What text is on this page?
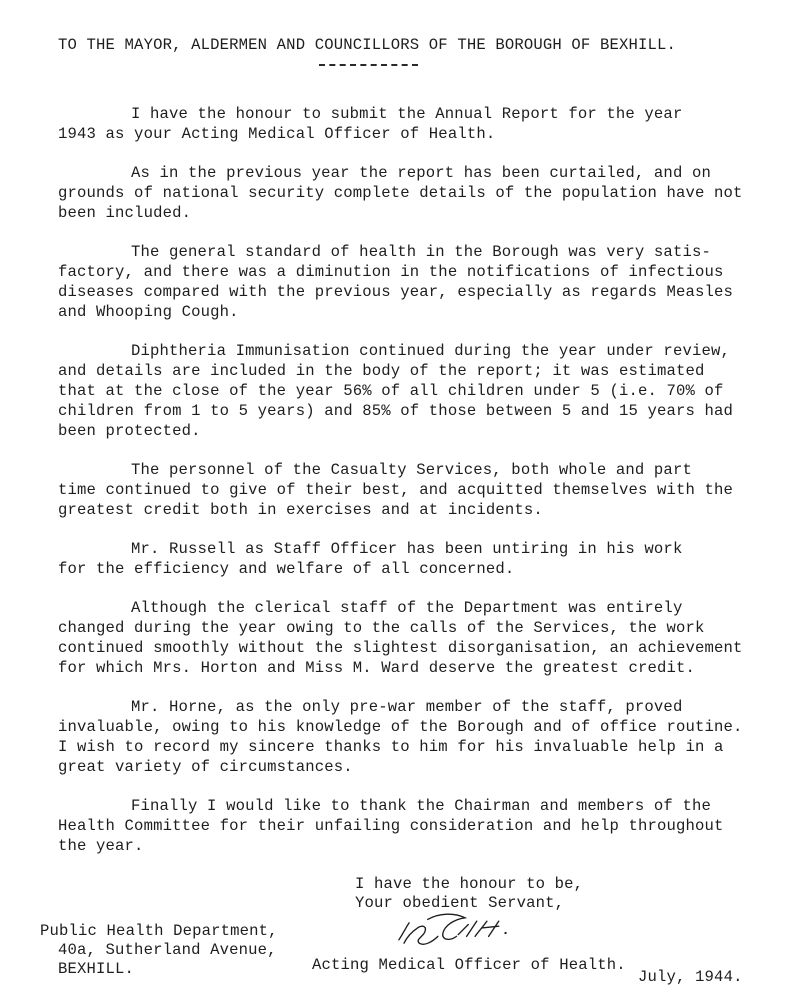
TO THE MAYOR, ALDERMEN AND COUNCILLORS OF THE BOROUGH OF BEXHILL.
I have the honour to submit the Annual Report for the year
1943 as your Acting Medical Officer of Health.
As in the previous year the report has been curtailed, and on
grounds of national security complete details of the population have not
been included.
The general standard of health in the Borough was very satis-
factory, and there was a diminution in the notifications of infectious
diseases compared with the previous year, especially as regards Measles
and Whooping Cough.
Diphtheria Immunisation continued during the year under review,
and details are included in the body of the report; it was estimated
that at the close of the year 56% of all children under 5 (i.e. 70% of
children from 1 to 5 years) and 85% of those between 5 and 15 years had
been protected.
The personnel of the Casualty Services, both whole and part
time continued to give of their best, and acquitted themselves with the
greatest credit both in exercises and at incidents.
Mr. Russell as Staff Officer has been untiring in his work
for the efficiency and welfare of all concerned.
Although the clerical staff of the Department was entirely
changed during the year owing to the calls of the Services, the work
continued smoothly without the slightest disorganisation, an achievement
for which Mrs. Horton and Miss M. Ward deserve the greatest credit.
Mr. Horne, as the only pre-war member of the staff, proved
invaluable, owing to his knowledge of the Borough and of office routine.
I wish to record my sincere thanks to him for his invaluable help in a
great variety of circumstances.
Finally I would like to thank the Chairman and members of the
Health Committee for their unfailing consideration and help throughout
the year.
I have the honour to be,
Your obedient Servant,
Acting Medical Officer of Health.
Public Health Department,
40a, Sutherland Avenue,
BEXHILL.	July, 1944.
